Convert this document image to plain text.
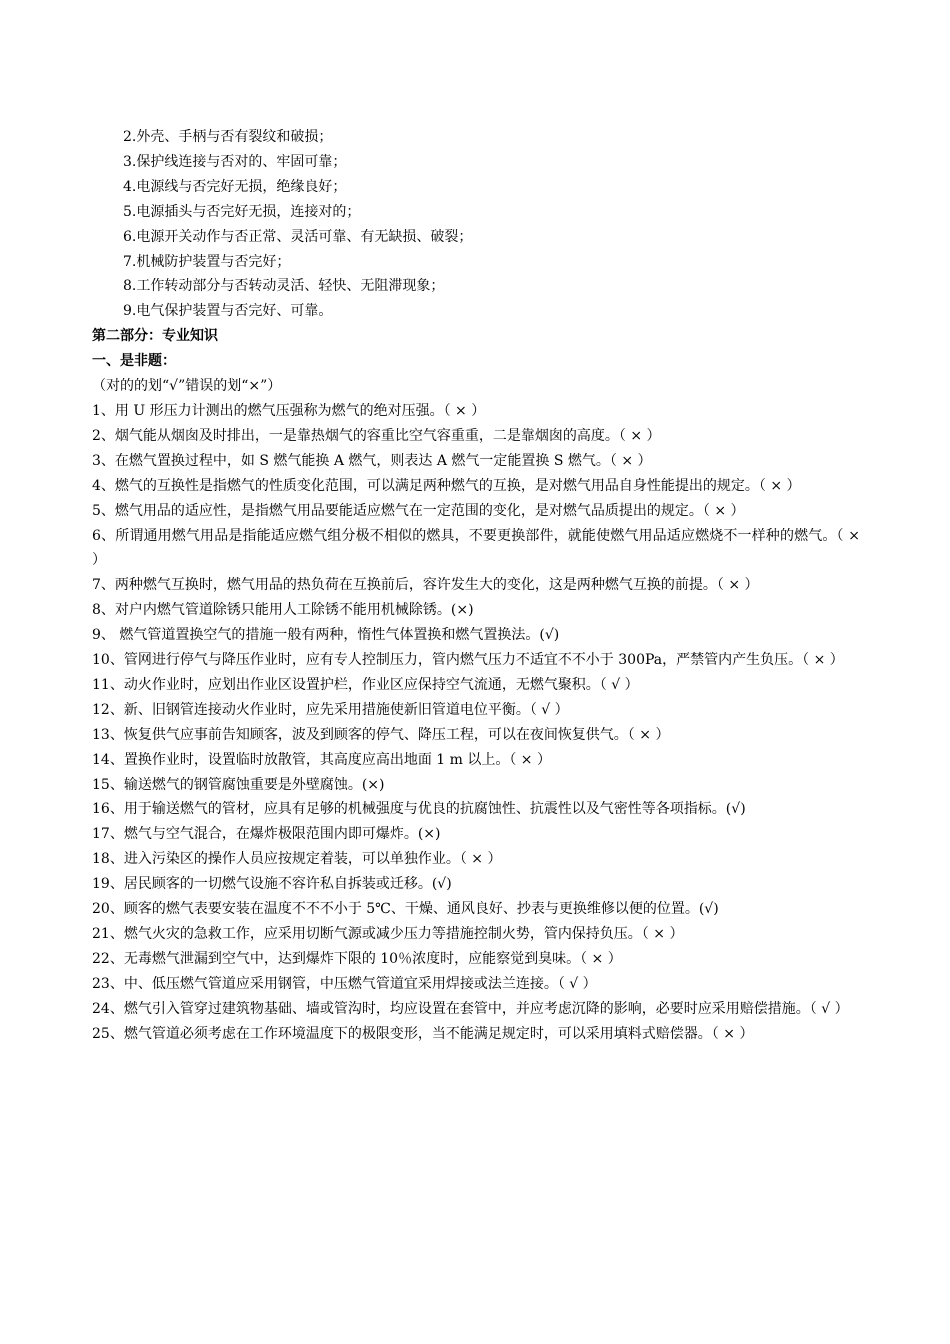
2.外壳、手柄与否有裂纹和破损；

3.保护线连接与否对的、牢固可靠；

4.电源线与否完好无损，绝缘良好；

5.电源插头与否完好无损，连接对的；

6.电源开关动作与否正常、灵活可靠、有无缺损、破裂；

7.机械防护装置与否完好；

8.工作转动部分与否转动灵活、轻快、无阻滞现象；

9.电气保护装置与否完好、可靠。

第二部分：专业知识

一、是非题：

（对的的划“√”错误的划“×”）

1、用 U 形压力计测出的燃气压强称为燃气的绝对压强。（ × ）

2、烟气能从烟囱及时排出，一是靠热烟气的容重比空气容重重，二是靠烟囱的高度。（ × ）

3、在燃气置换过程中，如 S 燃气能换 A 燃气，则表达 A 燃气一定能置换 S 燃气。（ × ）

4、燃气的互换性是指燃气的性质变化范围，可以满足两种燃气的互换，是对燃气用品自身性能提出的规定。（ × ）

5、燃气用品的适应性，是指燃气用品要能适应燃气在一定范围的变化，是对燃气品质提出的规定。（ × ）

6、所谓通用燃气用品是指能适应燃气组分极不相似的燃具，不要更换部件，就能使燃气用品适应燃烧不一样种的燃气。（ × ）

7、两种燃气互换时，燃气用品的热负荷在互换前后，容许发生大的变化，这是两种燃气互换的前提。（ × ）

8、对户内燃气管道除锈只能用人工除锈不能用机械除锈。(×)

9、 燃气管道置换空气的措施一般有两种，惰性气体置换和燃气置换法。(√)

10、管网进行停气与降压作业时，应有专人控制压力，管内燃气压力不适宜不不小于 300Pa，严禁管内产生负压。（ × ）

11、动火作业时，应划出作业区设置护栏，作业区应保持空气流通，无燃气聚积。（ √ ）

12、新、旧钢管连接动火作业时，应先采用措施使新旧管道电位平衡。（ √ ）

13、恢复供气应事前告知顾客，波及到顾客的停气、降压工程，可以在夜间恢复供气。（ × ）

14、置换作业时，设置临时放散管，其高度应高出地面 1 m 以上。（ × ）

15、输送燃气的钢管腐蚀重要是外壁腐蚀。(×)

16、用于输送燃气的管材，应具有足够的机械强度与优良的抗腐蚀性、抗震性以及气密性等各项指标。(√)

17、燃气与空气混合，在爆炸极限范围内即可爆炸。(×)

18、进入污染区的操作人员应按规定着装，可以单独作业。（ × ）

19、居民顾客的一切燃气设施不容许私自拆装或迁移。(√)

20、顾客的燃气表要安装在温度不不不小于 5℃、干燥、通风良好、抄表与更换维修以便的位置。(√)

21、燃气火灾的急救工作，应采用切断气源或减少压力等措施控制火势，管内保持负压。（ × ）

22、无毒燃气泄漏到空气中，达到爆炸下限的 10％浓度时，应能察觉到臭味。（ × ）

23、中、低压燃气管道应采用钢管，中压燃气管道宜采用焊接或法兰连接。（ √ ）

24、燃气引入管穿过建筑物基础、墙或管沟时，均应设置在套管中，并应考虑沉降的影响，必要时应采用赔偿措施。（ √ ）

25、燃气管道必须考虑在工作环境温度下的极限变形，当不能满足规定时，可以采用填料式赔偿器。（ × ）
